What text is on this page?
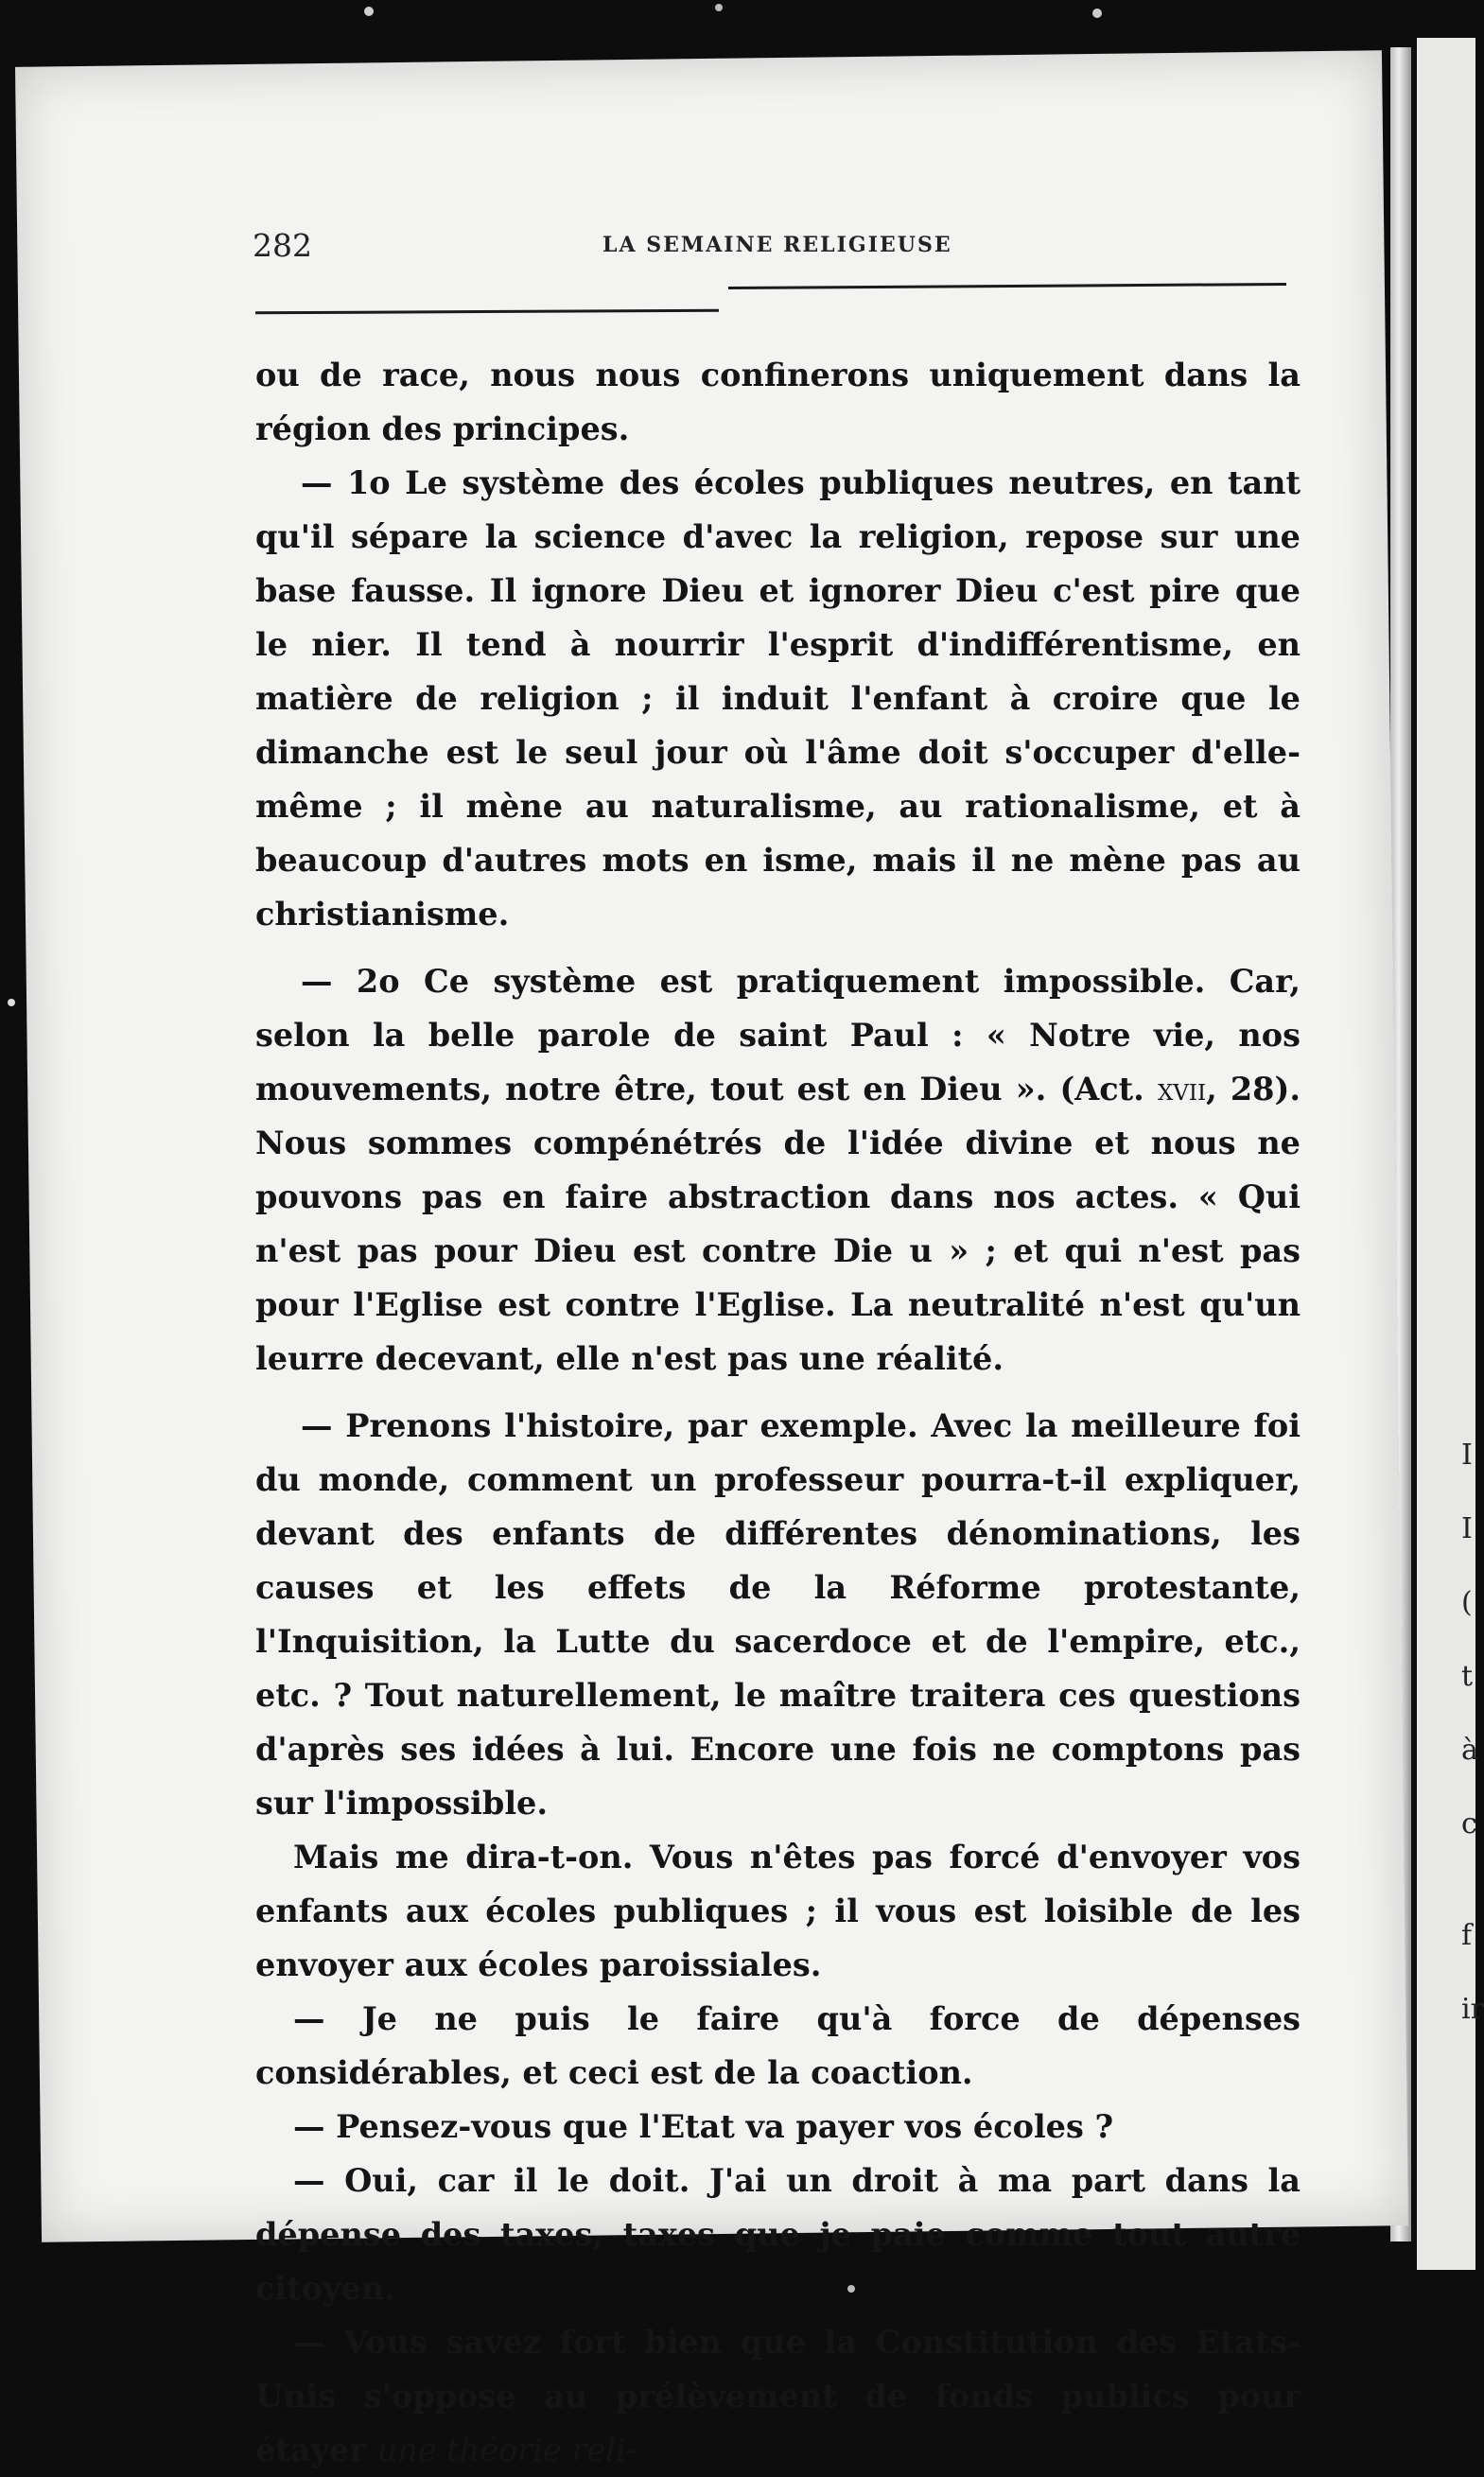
282	LA SEMAINE RELIGIEUSE

ou de race, nous nous confinerons uniquement dans la région des principes.

— 1o Le système des écoles publiques neutres, en tant qu'il sépare la science d'avec la religion, repose sur une base fausse. Il ignore Dieu et ignorer Dieu c'est pire que le nier. Il tend à nourrir l'esprit d'indifférentisme, en matière de religion ; il induit l'enfant à croire que le dimanche est le seul jour où l'âme doit s'occuper d'elle-même ; il mène au naturalisme, au rationalisme, et à beaucoup d'autres mots en isme, mais il ne mène pas au christianisme.

— 2o Ce système est pratiquement impossible. Car, selon la belle parole de saint Paul : « Notre vie, nos mouvements, notre être, tout est en Dieu ». (Act. xvii, 28). Nous sommes compénétrés de l'idée divine et nous ne pouvons pas en faire abstraction dans nos actes. « Qui n'est pas pour Dieu est contre Die u » ; et qui n'est pas pour l'Eglise est contre l'Eglise. La neutralité n'est qu'un leurre decevant, elle n'est pas une réalité.

— Prenons l'histoire, par exemple. Avec la meilleure foi du monde, comment un professeur pourra-t-il expliquer, devant des enfants de différentes dénominations, les causes et les effets de la Réforme protestante, l'Inquisition, la Lutte du sacerdoce et de l'empire, etc., etc. ? Tout naturellement, le maître traitera ces questions d'après ses idées à lui. Encore une fois ne comptons pas sur l'impossible.

Mais me dira-t-on. Vous n'êtes pas forcé d'envoyer vos enfants aux écoles publiques ; il vous est loisible de les envoyer aux écoles paroissiales.

— Je ne puis le faire qu'à force de dépenses considérables, et ceci est de la coaction.

— Pensez-vous que l'Etat va payer vos écoles ?

— Oui, car il le doit. J'ai un droit à ma part dans la dépense des taxes, taxes que je paie comme tout autre citoyen.

— Vous savez fort bien que la Constitution des Etats-Unis s'oppose au prélèvement de fonds publics pour étayer une théorie reli-

I
I
(
t
à
c
f
ir
